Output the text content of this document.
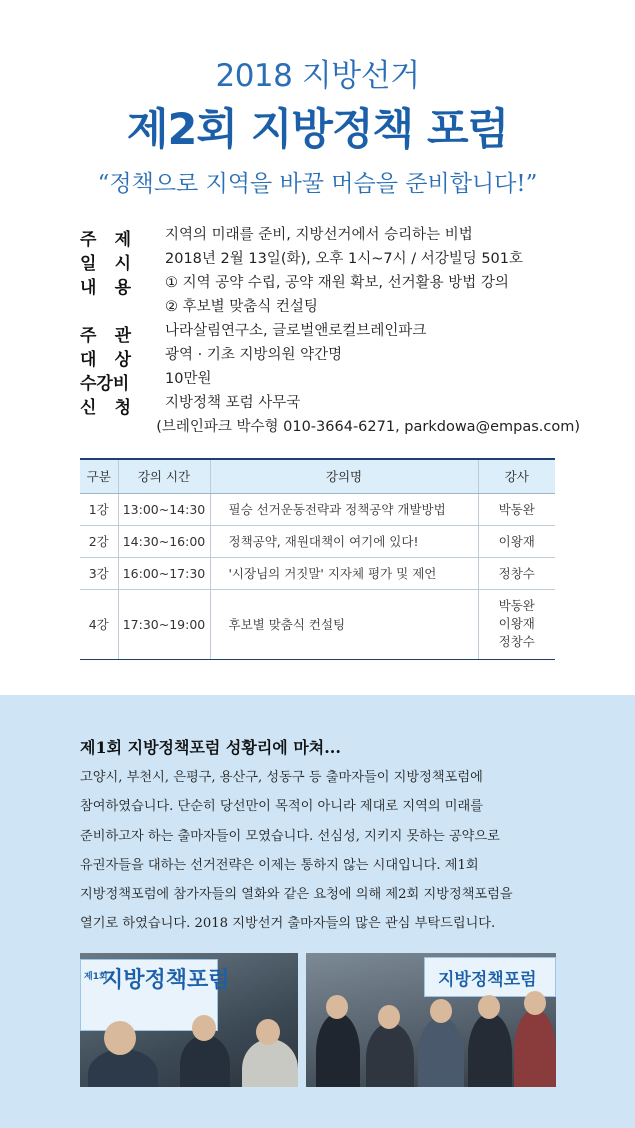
2018 지방선거
제2회 지방정책 포럼
“정책으로 지역을 바꿀 머슴을 준비합니다!”
주 제 지역의 미래를 준비, 지방선거에서 승리하는 비법
일 시 2018년 2월 13일(화), 오후 1시~7시 / 서강빌딩 501호
내 용 ① 지역 공약 수립, 공약 재원 확보, 선거활용 방법 강의
② 후보별 맞춤식 컨설팅
주 관 나라살림연구소, 글로벌앤로컬브레인파크
대 상 광역 · 기초 지방의원 약간명
수강비	10만원
신 청 지방정책 포럼 사무국
(브레인파크 박수형 010-3664-6271, parkdowa@empas.com)
구분	강의 시간	강의명	강사
1강	13:00~14:30	필승 선거운동전략과 정책공약 개발방법	박동완
2강	14:30~16:00	정책공약, 재원대책이 여기에 있다!	이왕재
3강	16:00~17:30	'시장님의 거짓말' 지자체 평가 및 제언	정창수
4강	17:30~19:00	후보별 맞춤식 컨설팅	박동완
이왕재
정창수
제1회 지방정책포럼 성황리에 마쳐...
고양시, 부천시, 은평구, 용산구, 성동구 등 출마자들이 지방정책포럼에
참여하였습니다. 단순히 당선만이 목적이 아니라 제대로 지역의 미래를
준비하고자 하는 출마자들이 모였습니다. 선심성, 지키지 못하는 공약으로
유권자들을 대하는 선거전략은 이제는 통하지 않는 시대입니다. 제1회
지방정책포럼에 참가자들의 열화와 같은 요청에 의해 제2회 지방정책포럼을
열기로 하였습니다. 2018 지방선거 출마자들의 많은 관심 부탁드립니다.
제1회
지방정책포럼	지방정책포럼
